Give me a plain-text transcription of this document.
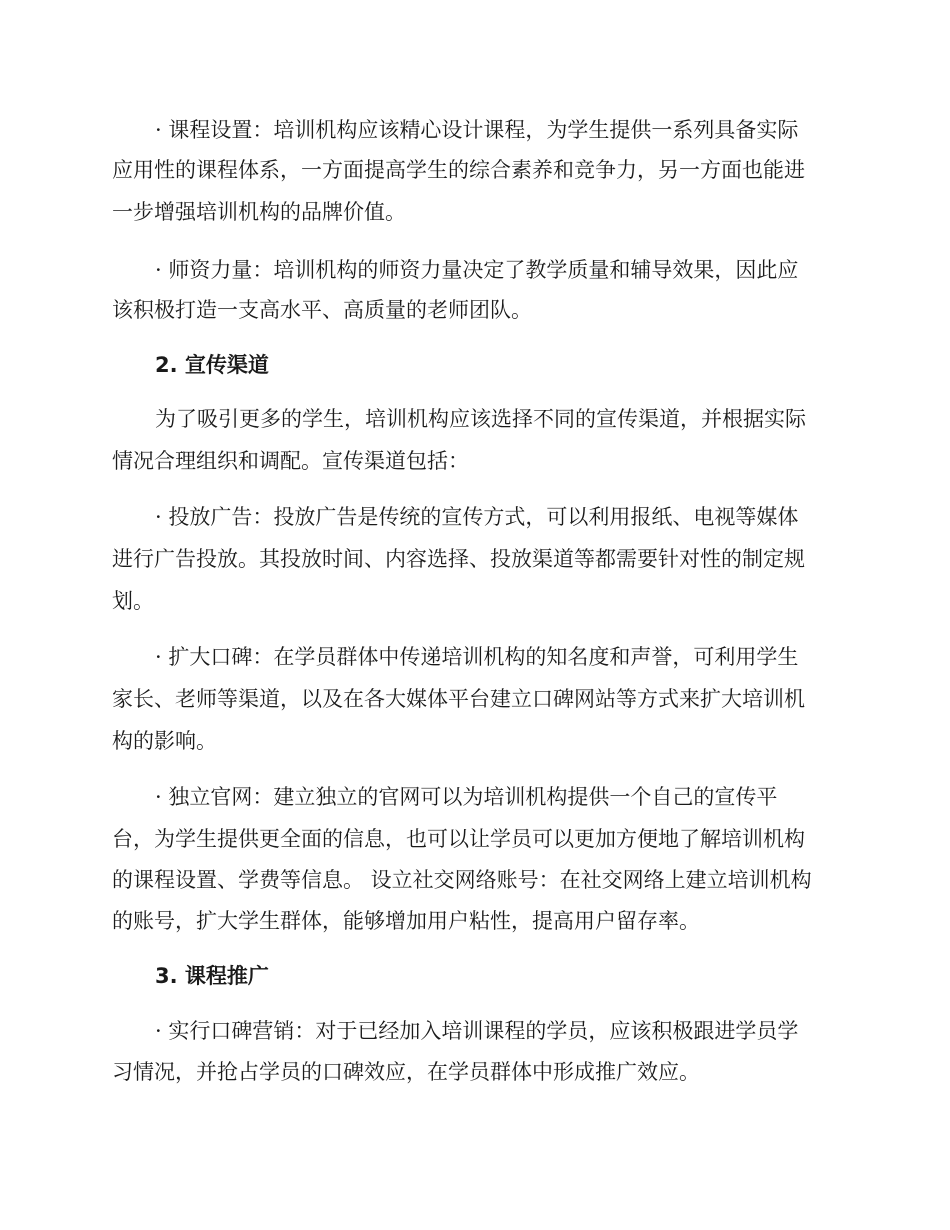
· 课程设置：培训机构应该精心设计课程，为学生提供一系列具备实际

应用性的课程体系，一方面提高学生的综合素养和竞争力，另一方面也能进

一步增强培训机构的品牌价值。

· 师资力量：培训机构的师资力量决定了教学质量和辅导效果，因此应

该积极打造一支高水平、高质量的老师团队。

2. 宣传渠道

为了吸引更多的学生，培训机构应该选择不同的宣传渠道，并根据实际

情况合理组织和调配。宣传渠道包括：

· 投放广告：投放广告是传统的宣传方式，可以利用报纸、电视等媒体

进行广告投放。其投放时间、内容选择、投放渠道等都需要针对性的制定规

划。

· 扩大口碑：在学员群体中传递培训机构的知名度和声誉，可利用学生

家长、老师等渠道，以及在各大媒体平台建立口碑网站等方式来扩大培训机

构的影响。

· 独立官网：建立独立的官网可以为培训机构提供一个自己的宣传平

台，为学生提供更全面的信息，也可以让学员可以更加方便地了解培训机构

的课程设置、学费等信息。 设立社交网络账号：在社交网络上建立培训机构

的账号，扩大学生群体，能够增加用户粘性，提高用户留存率。

3. 课程推广

· 实行口碑营销：对于已经加入培训课程的学员，应该积极跟进学员学

习情况，并抢占学员的口碑效应，在学员群体中形成推广效应。
